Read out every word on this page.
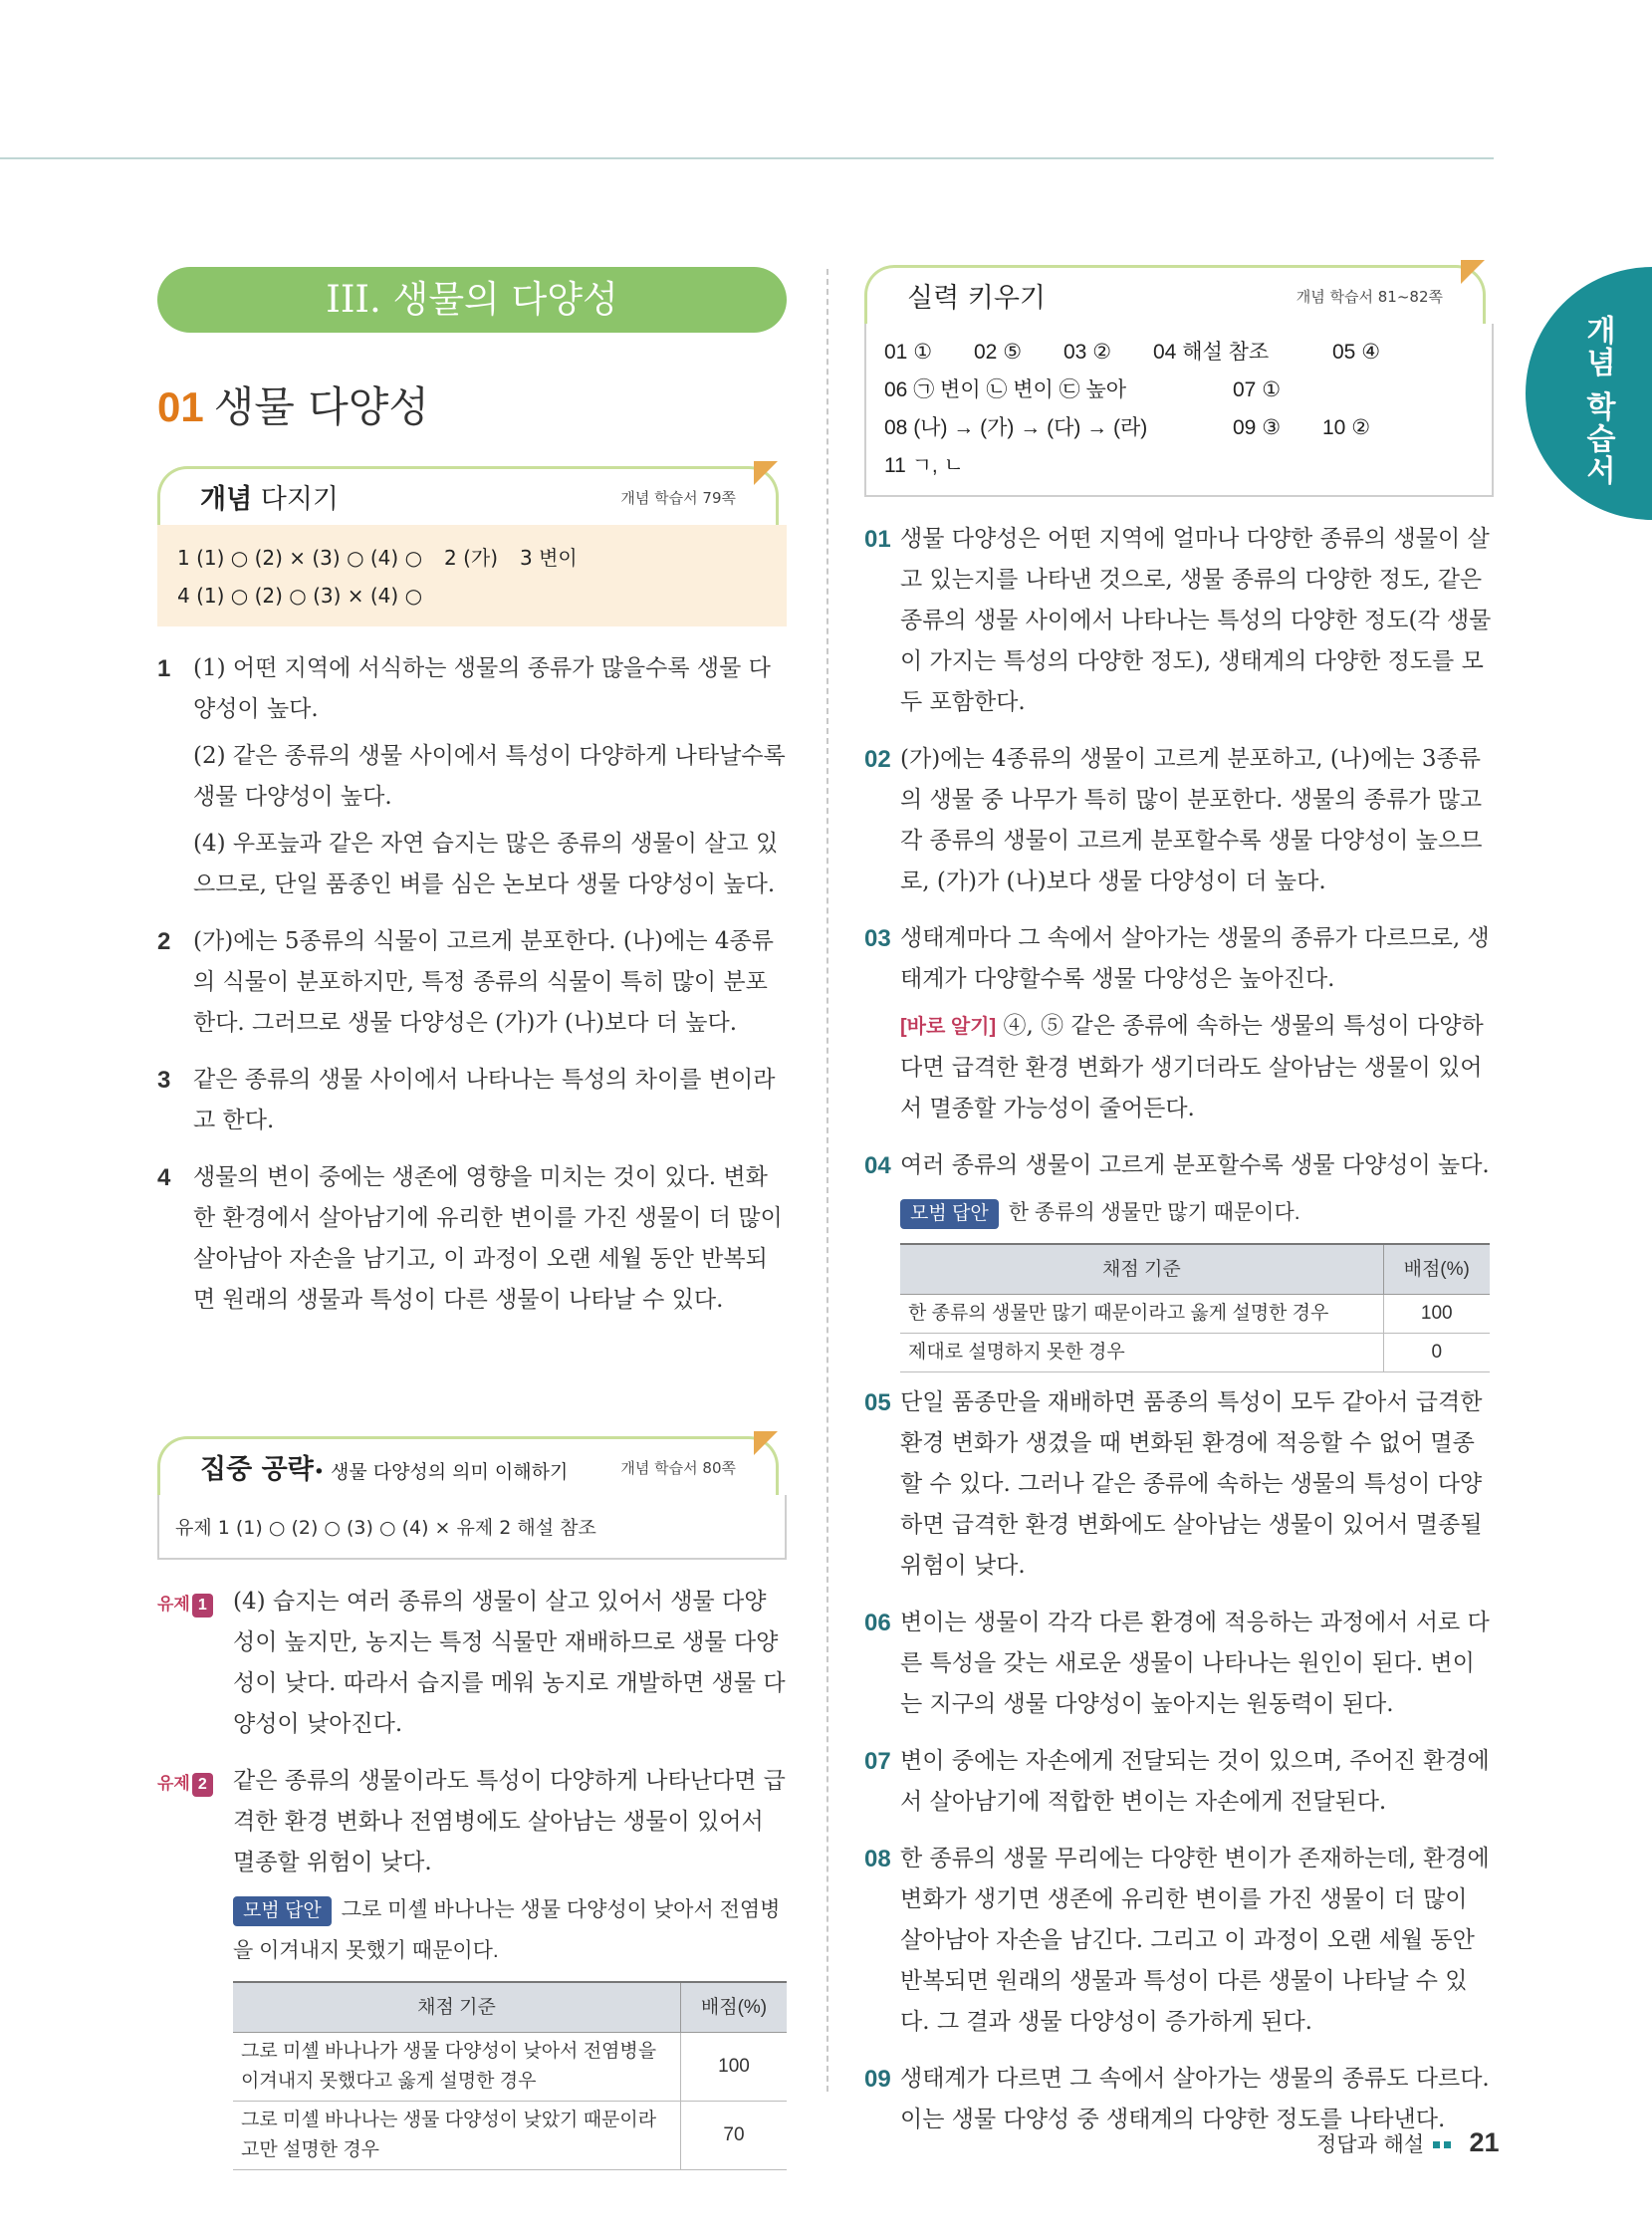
개념 학습서
III. 생물의 다양성
01 생물 다양성
개념 다지기	개념 학습서 79쪽
1 (1) ○ (2) × (3) ○ (4) ○ 2 (가) 3 변이
4 (1) ○ (2) ○ (3) × (4) ○
1 (1) 어떤 지역에 서식하는 생물의 종류가 많을수록 생물 다양성이 높다.

(2) 같은 종류의 생물 사이에서 특성이 다양하게 나타날수록 생물 다양성이 높다.

(4) 우포늪과 같은 자연 습지는 많은 종류의 생물이 살고 있으므로, 단일 품종인 벼를 심은 논보다 생물 다양성이 높다.

2 (가)에는 5종류의 식물이 고르게 분포한다. (나)에는 4종류의 식물이 분포하지만, 특정 종류의 식물이 특히 많이 분포한다. 그러므로 생물 다양성은 (가)가 (나)보다 더 높다.

3 같은 종류의 생물 사이에서 나타나는 특성의 차이를 변이라고 한다.

4 생물의 변이 중에는 생존에 영향을 미치는 것이 있다. 변화한 환경에서 살아남기에 유리한 변이를 가진 생물이 더 많이 살아남아 자손을 남기고, 이 과정이 오랜 세월 동안 반복되면 원래의 생물과 특성이 다른 생물이 나타날 수 있다.

집중 공략• 생물 다양성의 의미 이해하기	개념 학습서 80쪽
유제 1 (1) ○ (2) ○ (3) ○ (4) × 유제 2 해설 참조
유제 1	(4) 습지는 여러 종류의 생물이 살고 있어서 생물 다양성이 높지만, 농지는 특정 식물만 재배하므로 생물 다양성이 낮다. 따라서 습지를 메워 농지로 개발하면 생물 다양성이 낮아진다.

유제 2	같은 종류의 생물이라도 특성이 다양하게 나타난다면 급격한 환경 변화나 전염병에도 살아남는 생물이 있어서 멸종할 위험이 낮다.

모범 답안 그로 미셸 바나나는 생물 다양성이 낮아서 전염병을 이겨내지 못했기 때문이다.

채점 기준	배점(%)
그로 미셸 바나나가 생물 다양성이 낮아서 전염병을 이겨내지 못했다고 옳게 설명한 경우	100
그로 미셸 바나나는 생물 다양성이 낮았기 때문이라고만 설명한 경우	70
실력 키우기	개념 학습서 81~82쪽
01 ①	02 ⑤	03 ②	04 해설 참조	05 ④
06 ㉠ 변이 ㉡ 변이 ㉢ 높아	07 ①
08 (나) → (가) → (다) → (라)	09 ③	10 ②
11 ㄱ, ㄴ
01 생물 다양성은 어떤 지역에 얼마나 다양한 종류의 생물이 살고 있는지를 나타낸 것으로, 생물 종류의 다양한 정도, 같은 종류의 생물 사이에서 나타나는 특성의 다양한 정도(각 생물이 가지는 특성의 다양한 정도), 생태계의 다양한 정도를 모두 포함한다.

02 (가)에는 4종류의 생물이 고르게 분포하고, (나)에는 3종류의 생물 중 나무가 특히 많이 분포한다. 생물의 종류가 많고 각 종류의 생물이 고르게 분포할수록 생물 다양성이 높으므로, (가)가 (나)보다 생물 다양성이 더 높다.

03 생태계마다 그 속에서 살아가는 생물의 종류가 다르므로, 생태계가 다양할수록 생물 다양성은 높아진다.

[바로 알기] ④, ⑤ 같은 종류에 속하는 생물의 특성이 다양하다면 급격한 환경 변화가 생기더라도 살아남는 생물이 있어서 멸종할 가능성이 줄어든다.

04 여러 종류의 생물이 고르게 분포할수록 생물 다양성이 높다.

모범 답안 한 종류의 생물만 많기 때문이다.

채점 기준	배점(%)
한 종류의 생물만 많기 때문이라고 옳게 설명한 경우	100
제대로 설명하지 못한 경우	0
05 단일 품종만을 재배하면 품종의 특성이 모두 같아서 급격한 환경 변화가 생겼을 때 변화된 환경에 적응할 수 없어 멸종할 수 있다. 그러나 같은 종류에 속하는 생물의 특성이 다양하면 급격한 환경 변화에도 살아남는 생물이 있어서 멸종될 위험이 낮다.

06 변이는 생물이 각각 다른 환경에 적응하는 과정에서 서로 다른 특성을 갖는 새로운 생물이 나타나는 원인이 된다. 변이는 지구의 생물 다양성이 높아지는 원동력이 된다.

07 변이 중에는 자손에게 전달되는 것이 있으며, 주어진 환경에서 살아남기에 적합한 변이는 자손에게 전달된다.

08 한 종류의 생물 무리에는 다양한 변이가 존재하는데, 환경에 변화가 생기면 생존에 유리한 변이를 가진 생물이 더 많이 살아남아 자손을 남긴다. 그리고 이 과정이 오랜 세월 동안 반복되면 원래의 생물과 특성이 다른 생물이 나타날 수 있다. 그 결과 생물 다양성이 증가하게 된다.

09 생태계가 다르면 그 속에서 살아가는 생물의 종류도 다르다. 이는 생물 다양성 중 생태계의 다양한 정도를 나타낸다.

정답과 해설 21
